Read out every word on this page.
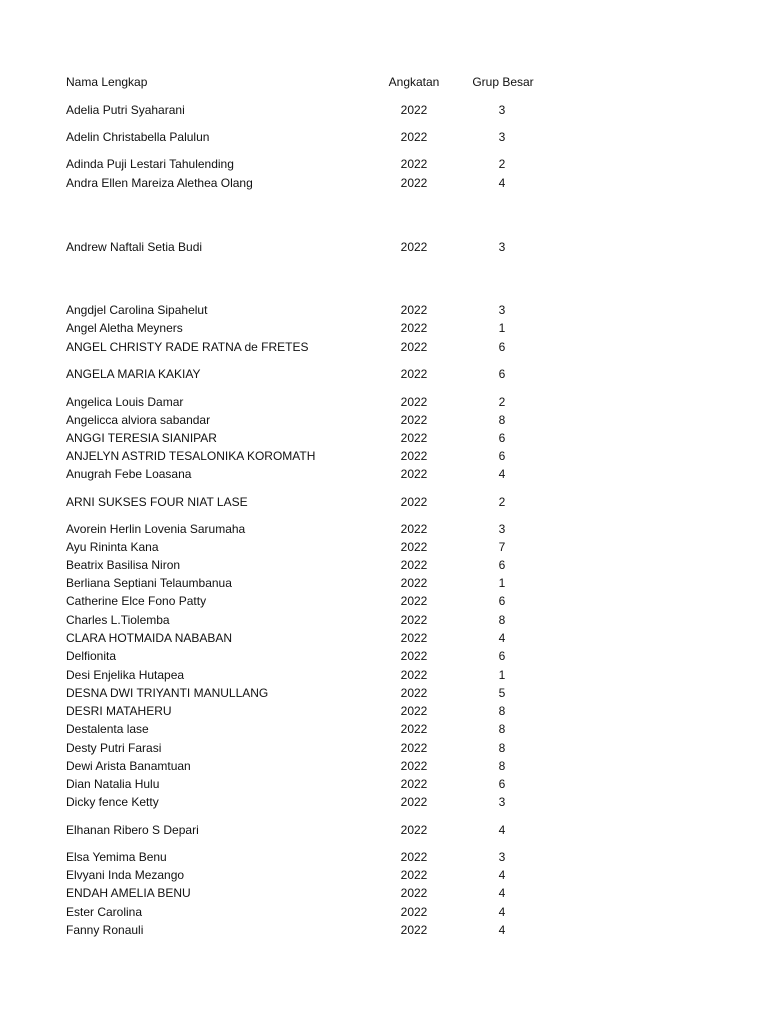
Nama Lengkap	Angkatan	Grup Besar
Adelia Putri Syaharani	2022	3
Adelin Christabella Palulun	2022	3
Adinda Puji Lestari Tahulending	2022	2
Andra Ellen Mareiza Alethea Olang	2022	4
Andrew Naftali Setia Budi	2022	3
Angdjel Carolina Sipahelut	2022	3
Angel Aletha Meyners	2022	1
ANGEL CHRISTY RADE RATNA de FRETES	2022	6
ANGELA MARIA KAKIAY	2022	6
Angelica Louis Damar	2022	2
Angelicca alviora sabandar	2022	8
ANGGI TERESIA SIANIPAR	2022	6
ANJELYN ASTRID TESALONIKA KOROMATH	2022	6
Anugrah Febe Loasana	2022	4
ARNI SUKSES FOUR NIAT LASE	2022	2
Avorein Herlin Lovenia Sarumaha	2022	3
Ayu Rininta Kana	2022	7
Beatrix Basilisa Niron	2022	6
Berliana Septiani Telaumbanua	2022	1
Catherine Elce Fono Patty	2022	6
Charles L.Tiolemba	2022	8
CLARA HOTMAIDA NABABAN	2022	4
Delfionita	2022	6
Desi Enjelika Hutapea	2022	1
DESNA DWI TRIYANTI MANULLANG	2022	5
DESRI MATAHERU	2022	8
Destalenta lase	2022	8
Desty Putri Farasi	2022	8
Dewi Arista Banamtuan	2022	8
Dian Natalia Hulu	2022	6
Dicky fence Ketty	2022	3
Elhanan Ribero S Depari	2022	4
Elsa Yemima Benu	2022	3
Elvyani Inda Mezango	2022	4
ENDAH AMELIA BENU	2022	4
Ester Carolina	2022	4
Fanny Ronauli	2022	4
